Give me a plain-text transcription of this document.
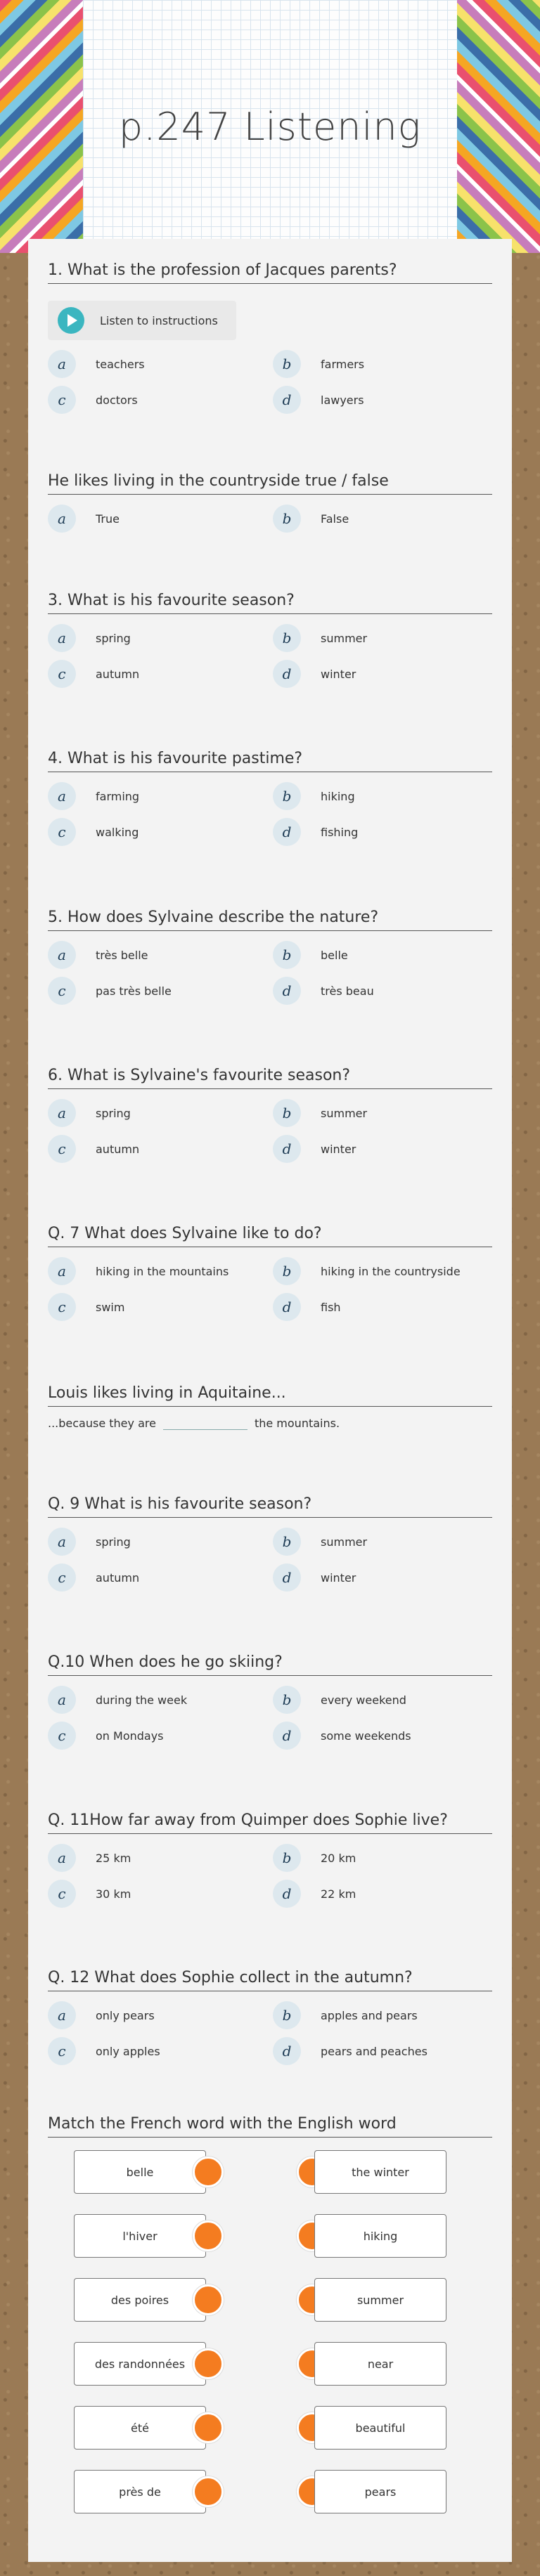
p.247 Listening
1. What is the profession of Jacques parents?
Listen to instructions
a	teachers	b	farmers
c	doctors	d	lawyers
He likes living in the countryside true / false
a	True	b	False
3. What is his favourite season?
a	spring	b	summer
c	autumn	d	winter
4. What is his favourite pastime?
a	farming	b	hiking
c	walking	d	fishing
5. How does Sylvaine describe the nature?
a	très belle	b	belle
c	pas très belle	d	très beau
6. What is Sylvaine's favourite season?
a	spring	b	summer
c	autumn	d	winter
Q. 7 What does Sylvaine like to do?
a	hiking in the mountains	b	hiking in the countryside
c	swim	d	fish
Louis likes living in Aquitaine...
...because they are	the mountains.
Q. 9 What is his favourite season?
a	spring	b	summer
c	autumn	d	winter
Q.10 When does he go skiing?
a	during the week	b	every weekend
c	on Mondays	d	some weekends
Q. 11How far away from Quimper does Sophie live?
a	25 km	b	20 km
c	30 km	d	22 km
Q. 12 What does Sophie collect in the autumn?
a	only pears	b	apples and pears
c	only apples	d	pears and peaches
Match the French word with the English word
belle	the winter
l'hiver	hiking
des poires	summer
des randonnées	near
été	beautiful
près de	pears
